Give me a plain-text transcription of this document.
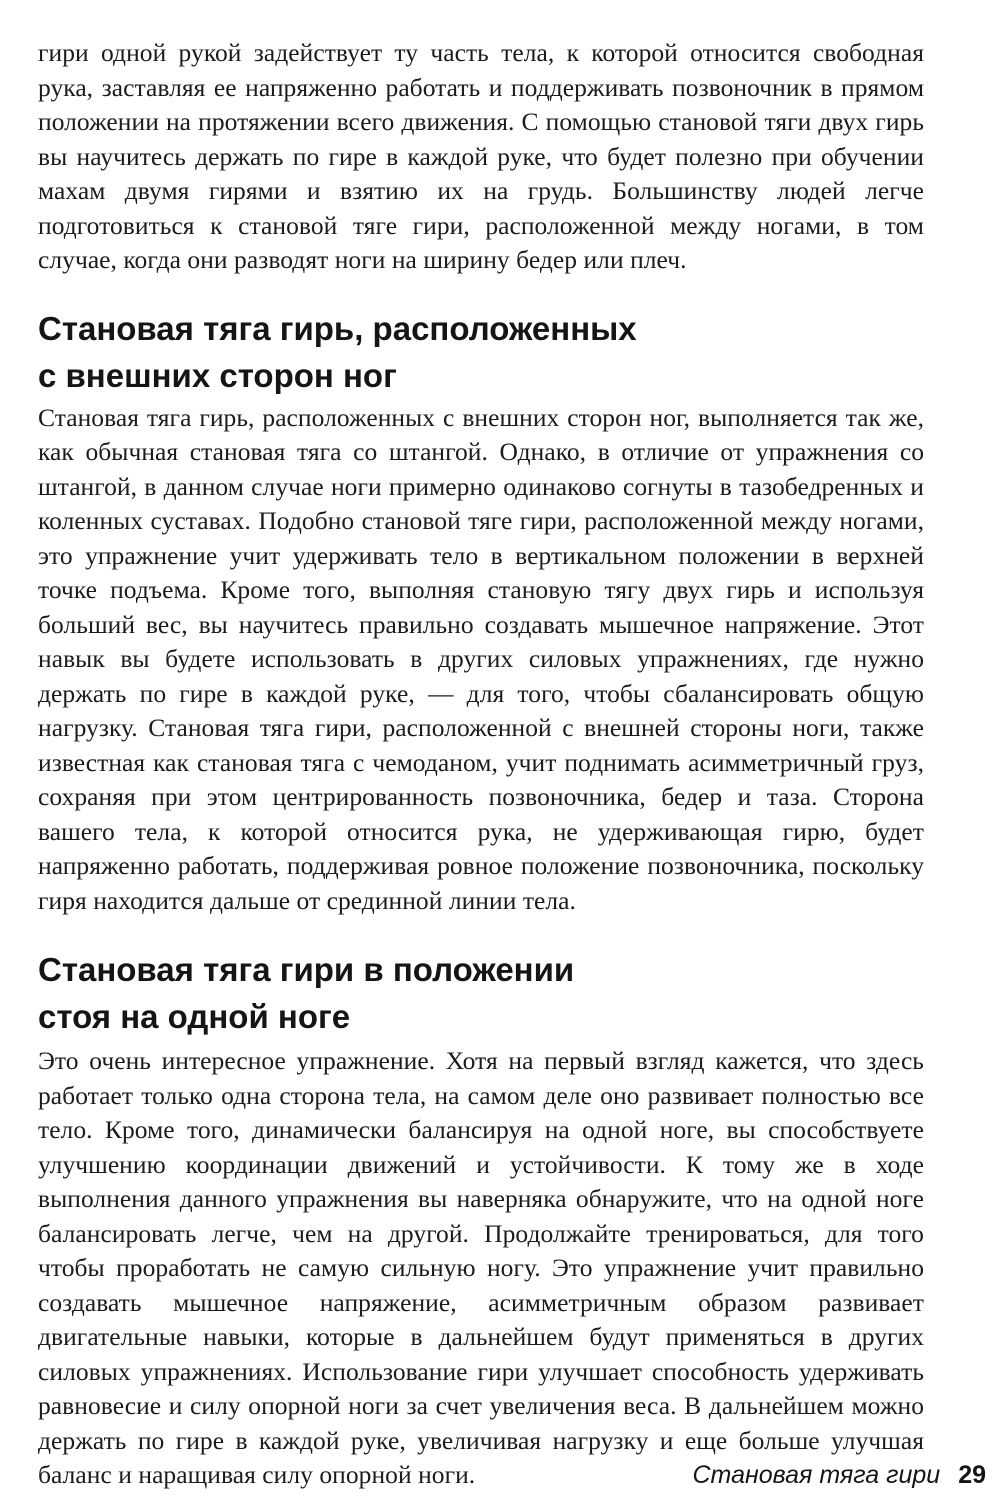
гири одной рукой задействует ту часть тела, к которой относится свободная рука, заставляя ее напряженно работать и поддерживать позвоночник в прямом положении на протяжении всего движения. С помощью становой тяги двух гирь вы научитесь держать по гире в каждой руке, что будет полезно при обучении махам двумя гирями и взятию их на грудь. Большинству людей легче подготовиться к становой тяге гири, расположенной между ногами, в том случае, когда они разводят ноги на ширину бедер или плеч.

Становая тяга гирь, расположенных
с внешних сторон ног

Становая тяга гирь, расположенных с внешних сторон ног, выполняется так же, как обычная становая тяга со штангой. Однако, в отличие от упражнения со штангой, в данном случае ноги примерно одинаково согнуты в тазобедренных и коленных суставах. Подобно становой тяге гири, расположенной между ногами, это упражнение учит удерживать тело в вертикальном положении в верхней точке подъема. Кроме того, выполняя становую тягу двух гирь и используя больший вес, вы научитесь правильно создавать мышечное напряжение. Этот навык вы будете использовать в других силовых упражнениях, где нужно держать по гире в каждой руке, — для того, чтобы сбалансировать общую нагрузку. Становая тяга гири, расположенной с внешней стороны ноги, также известная как становая тяга с чемоданом, учит поднимать асимметричный груз, сохраняя при этом центрированность позвоночника, бедер и таза. Сторона вашего тела, к которой относится рука, не удерживающая гирю, будет напряженно работать, поддерживая ровное положение позвоночника, поскольку гиря находится дальше от срединной линии тела.

Становая тяга гири в положении
стоя на одной ноге

Это очень интересное упражнение. Хотя на первый взгляд кажется, что здесь работает только одна сторона тела, на самом деле оно развивает полностью все тело. Кроме того, динамически балансируя на одной ноге, вы способствуете улучшению координации движений и устойчивости. К тому же в ходе выполнения данного упражнения вы наверняка обнаружите, что на одной ноге балансировать легче, чем на другой. Продолжайте тренироваться, для того чтобы проработать не самую сильную ногу. Это упражнение учит правильно создавать мышечное напряжение, асимметричным образом развивает двигательные навыки, которые в дальнейшем будут применяться в других силовых упражнениях. Использование гири улучшает способность удерживать равновесие и силу опорной ноги за счет увеличения веса. В дальнейшем можно держать по гире в каждой руке, увеличивая нагрузку и еще больше улучшая баланс и наращивая силу опорной ноги.	Становая тяга гири 29
